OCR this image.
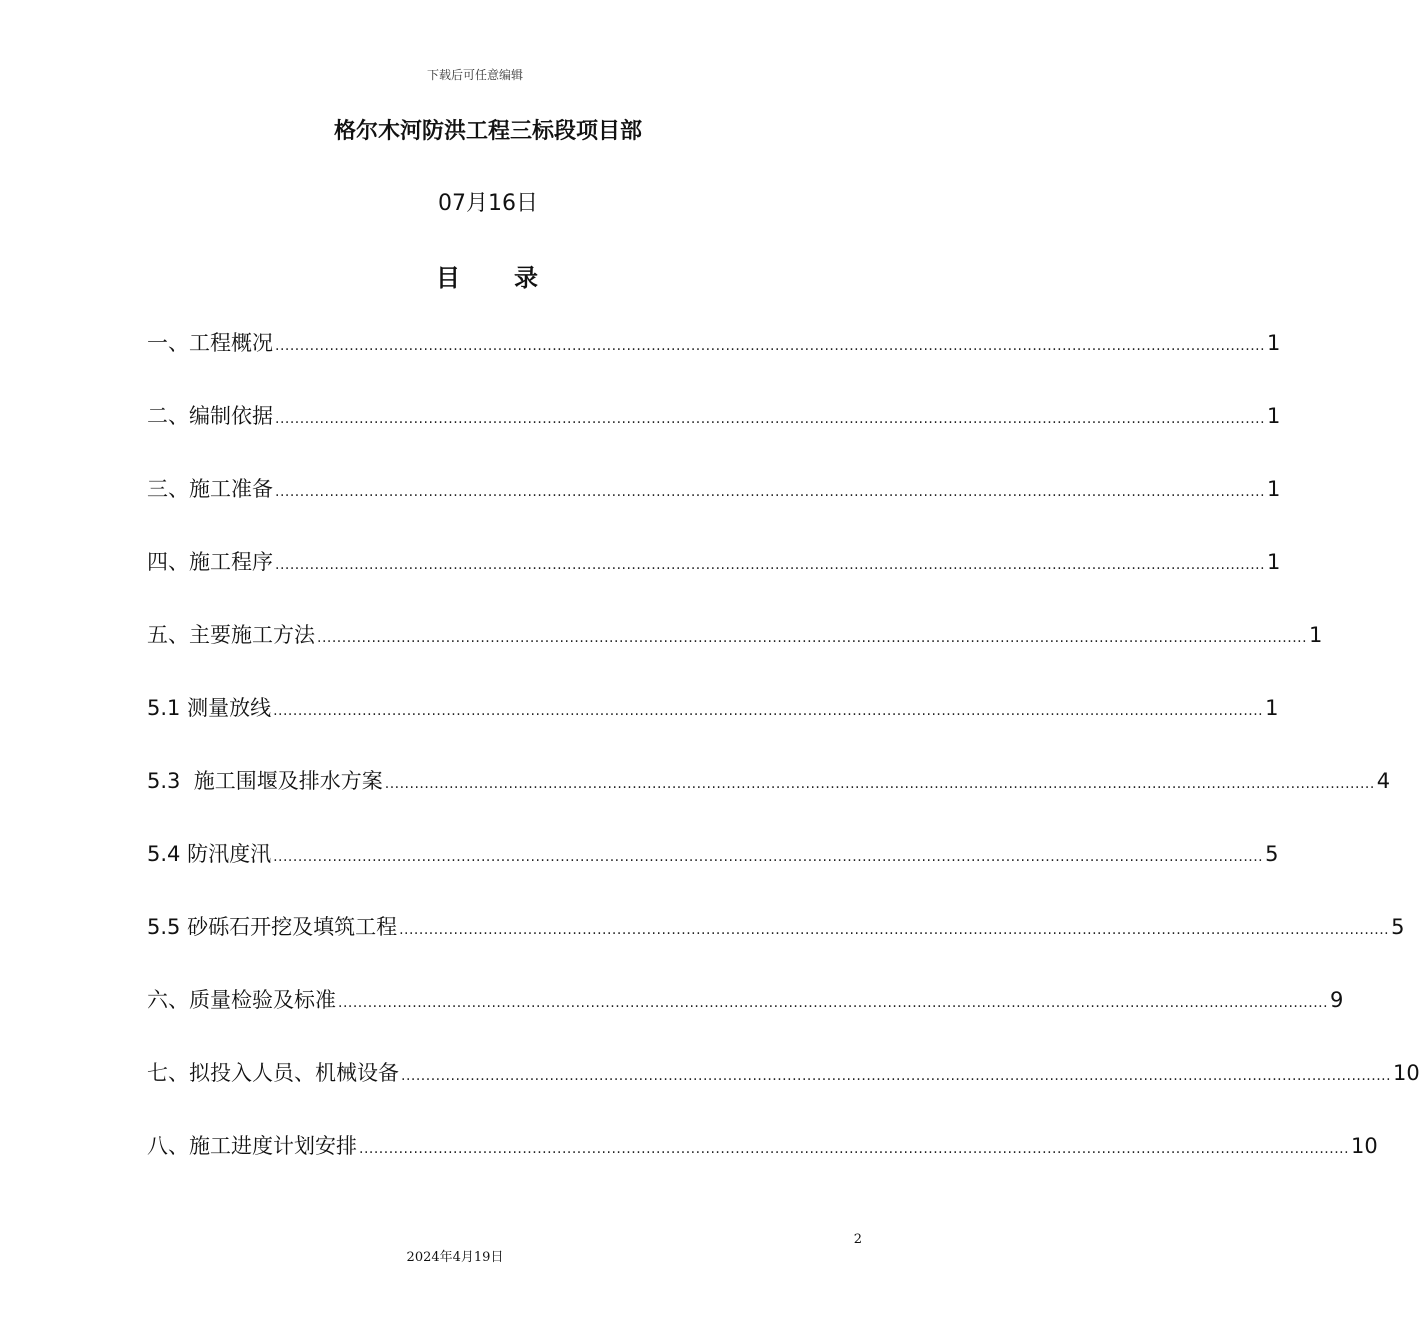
下载后可任意编辑
格尔木河防洪工程三标段项目部
07月16日
目　　录
一、工程概况 ........................................................................................................................................................................................................ 1
二、编制依据 ........................................................................................................................................................................................................ 1
三、施工准备 ........................................................................................................................................................................................................ 1
四、施工程序 ........................................................................................................................................................................................................ 1
五、主要施工方法 ........................................................................................................................................................................................................ 1
5.1 测量放线 ........................................................................................................................................................................................................ 1
5.3  施工围堰及排水方案 ........................................................................................................................................................................................................ 4
5.4 防汛度汛 ........................................................................................................................................................................................................ 5
5.5 砂砾石开挖及填筑工程 ........................................................................................................................................................................................................ 5
六、质量检验及标准 ........................................................................................................................................................................................................ 9
七、拟投入人员、机械设备 ........................................................................................................................................................................................................ 10
八、施工进度计划安排 ........................................................................................................................................................................................................ 10
2
2024年4月19日
